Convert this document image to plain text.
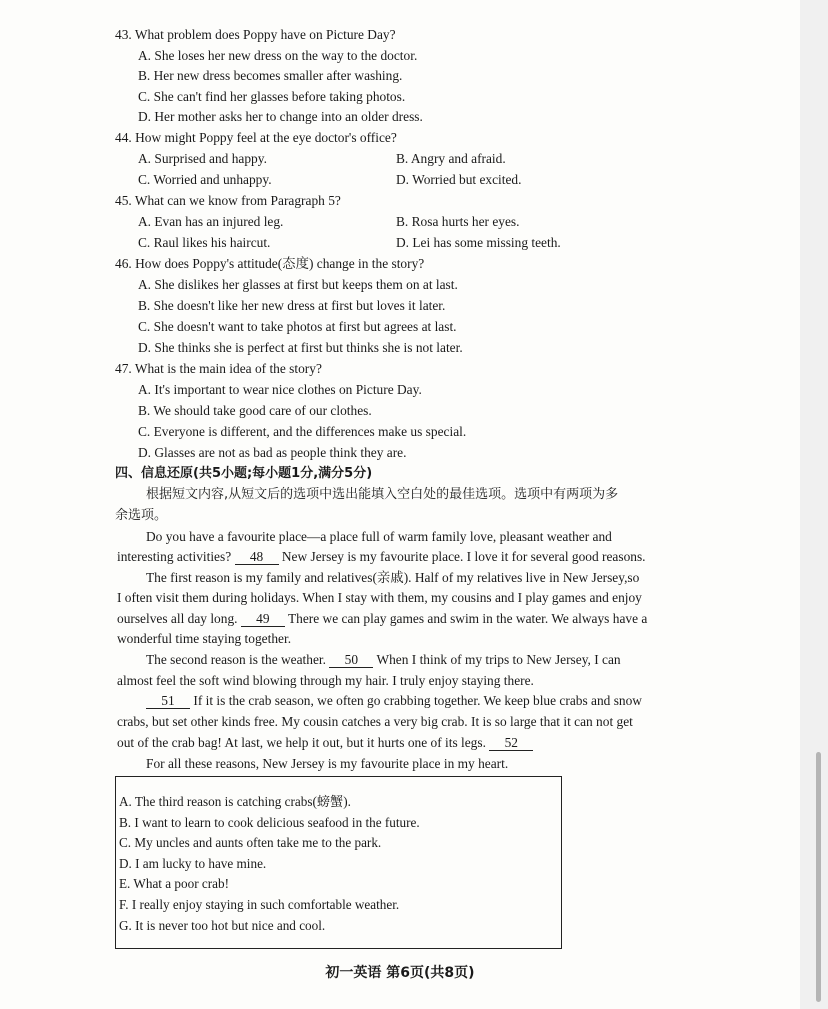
43. What problem does Poppy have on Picture Day?
A. She loses her new dress on the way to the doctor.
B. Her new dress becomes smaller after washing.
C. She can't find her glasses before taking photos.
D. Her mother asks her to change into an older dress.
44. How might Poppy feel at the eye doctor's office?
A. Surprised and happy.	B. Angry and afraid.
C. Worried and unhappy.	D. Worried but excited.
45. What can we know from Paragraph 5?
A. Evan has an injured leg.	B. Rosa hurts her eyes.
C. Raul likes his haircut.	D. Lei has some missing teeth.
46. How does Poppy's attitude(态度) change in the story?
A. She dislikes her glasses at first but keeps them on at last.
B. She doesn't like her new dress at first but loves it later.
C. She doesn't want to take photos at first but agrees at last.
D. She thinks she is perfect at first but thinks she is not later.
47. What is the main idea of the story?
A. It's important to wear nice clothes on Picture Day.
B. We should take good care of our clothes.
C. Everyone is different, and the differences make us special.
D. Glasses are not as bad as people think they are.
四、信息还原(共5小题;每小题1分,满分5分)
根据短文内容,从短文后的选项中选出能填入空白处的最佳选项。选项中有两项为多
余选项。
Do you have a favourite place—a place full of warm family love, pleasant weather and
interesting activities? 48 New Jersey is my favourite place. I love it for several good reasons.
The first reason is my family and relatives(亲戚). Half of my relatives live in New Jersey,so
I often visit them during holidays. When I stay with them, my cousins and I play games and enjoy
ourselves all day long. 49 There we can play games and swim in the water. We always have a
wonderful time staying together.
The second reason is the weather. 50 When I think of my trips to New Jersey, I can
almost feel the soft wind blowing through my hair. I truly enjoy staying there.
51 If it is the crab season, we often go crabbing together. We keep blue crabs and snow
crabs, but set other kinds free. My cousin catches a very big crab. It is so large that it can not get
out of the crab bag! At last, we help it out, but it hurts one of its legs. 52
For all these reasons, New Jersey is my favourite place in my heart.
A. The third reason is catching crabs(螃蟹).
B. I want to learn to cook delicious seafood in the future.
C. My uncles and aunts often take me to the park.
D. I am lucky to have mine.
E. What a poor crab!
F. I really enjoy staying in such comfortable weather.
G. It is never too hot but nice and cool.
初一英语 第6页(共8页)
